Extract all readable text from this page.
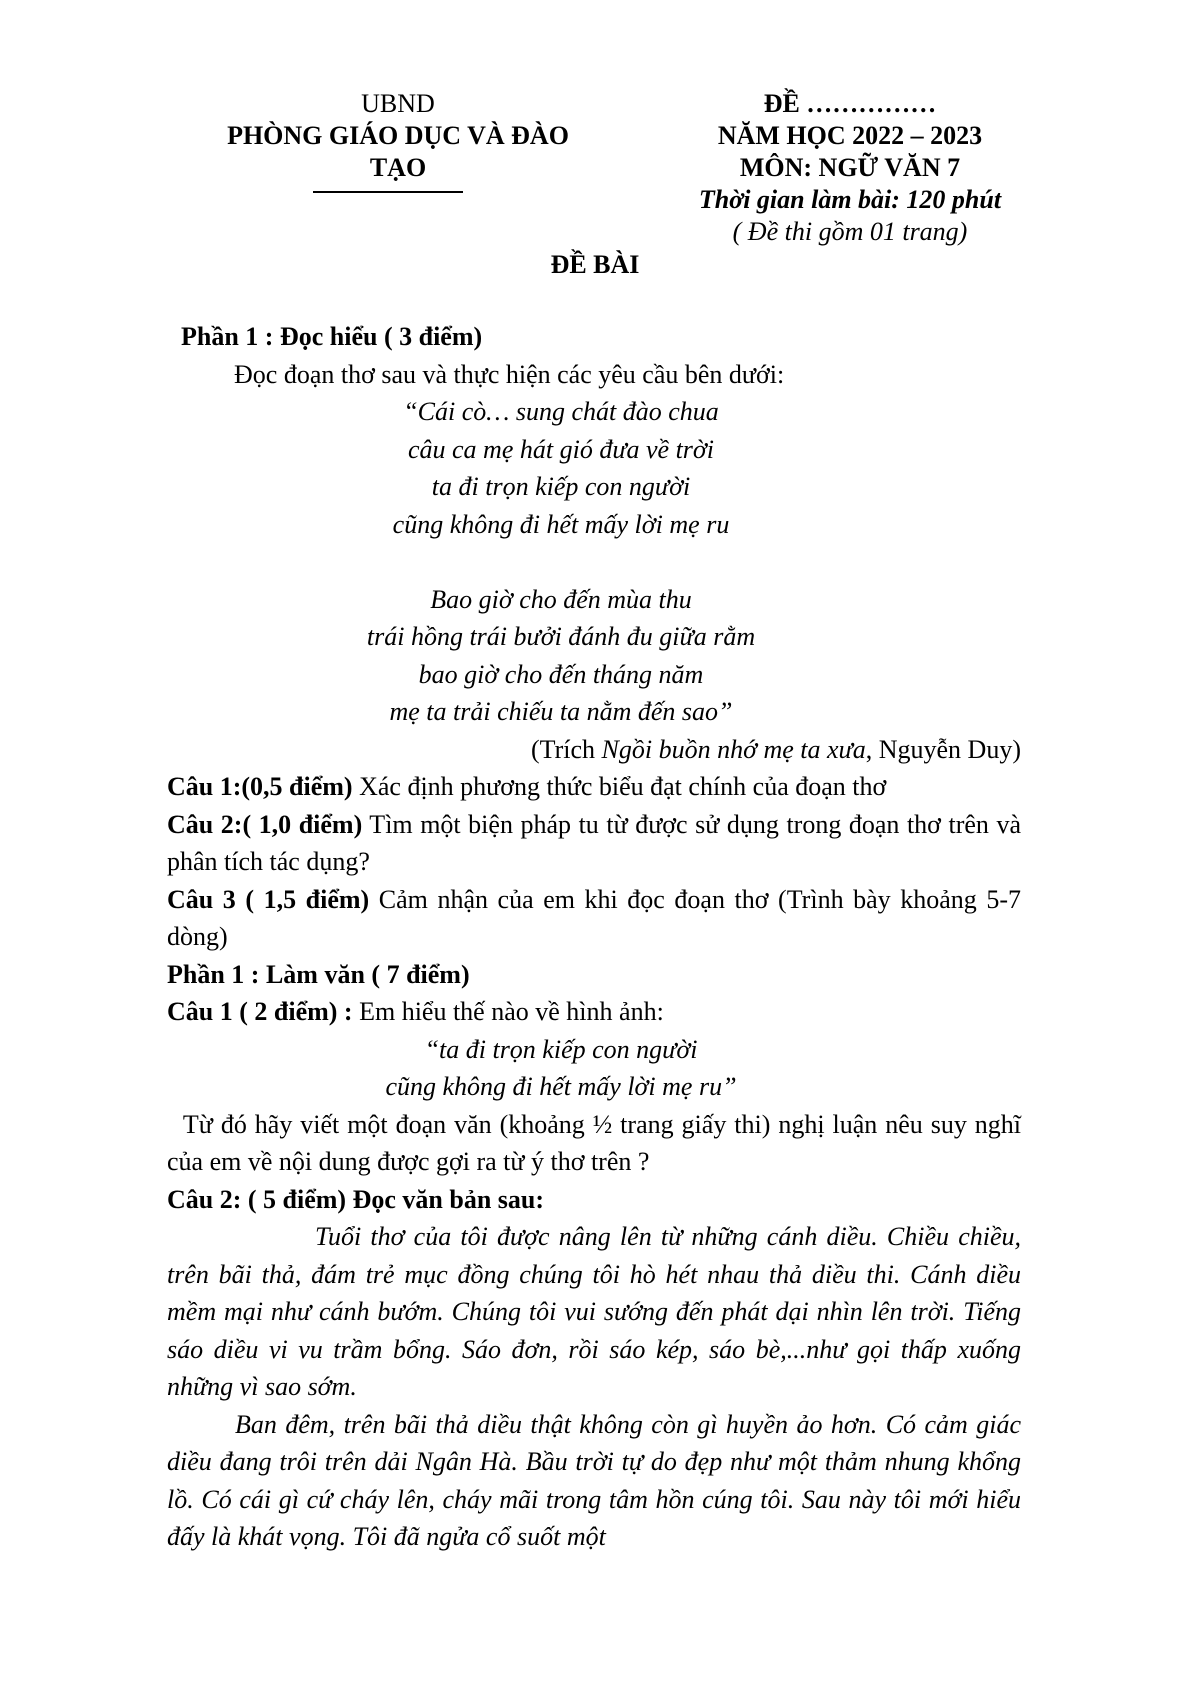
UBND
PHÒNG GIÁO DỤC VÀ ĐÀO
TẠO
ĐỀ ……………
NĂM HỌC 2022 – 2023
MÔN: NGỮ VĂN 7
Thời gian làm bài: 120 phút
( Đề thi gồm 01 trang)
ĐỀ BÀI

Phần 1 : Đọc hiểu ( 3 điểm)

Đọc đoạn thơ sau và thực hiện các yêu cầu bên dưới:

“Cái cò… sung chát đào chua
câu ca mẹ hát gió đưa về trời
ta đi trọn kiếp con người
cũng không đi hết mấy lời mẹ ru
Bao giờ cho đến mùa thu
trái hồng trái bưởi đánh đu giữa rằm
bao giờ cho đến tháng năm
mẹ ta trải chiếu ta nằm đến sao”

(Trích Ngồi buồn nhớ mẹ ta xưa, Nguyễn Duy)

Câu 1:(0,5 điểm) Xác định phương thức biểu đạt chính của đoạn thơ

Câu 2:( 1,0 điểm) Tìm một biện pháp tu từ được sử dụng trong đoạn thơ trên và phân tích tác dụng?

Câu 3 ( 1,5 điểm) Cảm nhận của em khi đọc đoạn thơ (Trình bày khoảng 5-7 dòng)

Phần 1 : Làm văn ( 7 điểm)

Câu 1 ( 2 điểm) : Em hiểu thế nào về hình ảnh:

“ta đi trọn kiếp con người
cũng không đi hết mấy lời mẹ ru”

Từ đó hãy viết một đoạn văn (khoảng ½ trang giấy thi) nghị luận nêu suy nghĩ của em về nội dung được gợi ra từ ý thơ trên ?

Câu 2: ( 5 điểm) Đọc văn bản sau:

Tuổi thơ của tôi được nâng lên từ những cánh diều. Chiều chiều, trên bãi thả, đám trẻ mục đồng chúng tôi hò hét nhau thả diều thi. Cánh diều mềm mại như cánh bướm. Chúng tôi vui sướng đến phát dại nhìn lên trời. Tiếng sáo diều vi vu trầm bổng. Sáo đơn, rồi sáo kép, sáo bè,...như gọi thấp xuống những vì sao sớm.

Ban đêm, trên bãi thả diều thật không còn gì huyền ảo hơn. Có cảm giác diều đang trôi trên dải Ngân Hà. Bầu trời tự do đẹp như một thảm nhung khổng lồ. Có cái gì cứ cháy lên, cháy mãi trong tâm hồn cúng tôi. Sau này tôi mới hiểu đấy là khát vọng. Tôi đã ngửa cổ suốt một
